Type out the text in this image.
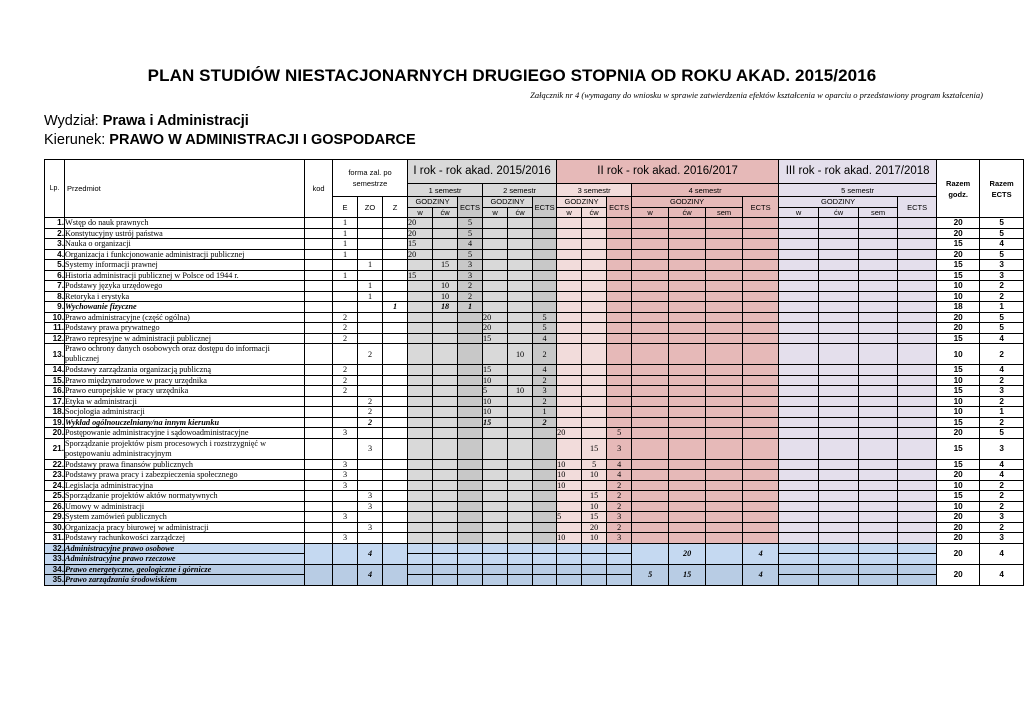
PLAN STUDIÓW NIESTACJONARNYCH DRUGIEGO STOPNIA OD ROKU AKAD. 2015/2016
Załącznik nr 4 (wymagany do wniosku w sprawie zatwierdzenia efektów kształcenia w oparciu o przedstawiony program kształcenia)
Wydział: Prawa i Administracji
Kierunek: PRAWO W ADMINISTRACJI I GOSPODARCE
Lp.	Przedmiot	kod	forma zal. po semestrze			I rok - rok akad. 2015/2016						II rok - rok akad. 2016/2017							III rok - rok akad. 2017/2018				Razem godz.	Razem ECTS
						1 semestr			2 semestr			3 semestr			4 semestr				5 semestr					
			E	ZO	Z	GODZINY		ECTS	GODZINY		ECTS	GODZINY		ECTS	GODZINY			ECTS	GODZINY			ECTS		
						w	ćw		w	ćw		w	ćw		w	ćw	sem		w	ćw	sem			
1.	Wstęp do nauk prawnych		1			20		5															20	5
2.	Konstytucyjny ustrój państwa		1			20		5															20	5
3.	Nauka o organizacji		1			15		4															15	4
4.	Organizacja i funkcjonowanie administracji publicznej		1			20		5															20	5
5.	Systemy informacji prawnej			1			15	3															15	3
6.	Historia administracji publicznej w Polsce od 1944 r.		1			15		3															15	3
7.	Podstawy języka urzędowego			1			10	2															10	2
8.	Retoryka i erystyka			1			10	2															10	2
9.	Wychowanie fizyczne				1		18	1															18	1
10.	Prawo administracyjne (część ogólna)		2						20		5												20	5
11.	Podstawy prawa prywatnego		2						20		5												20	5
12.	Prawo represyjne w administracji publicznej		2						15		4												15	4
13.	Prawo ochrony danych osobowych oraz dostępu do informacji publicznej			2						10	2												10	2
14.	Podstawy zarządzania organizacją publiczną		2						15		4												15	4
15.	Prawo międzynarodowe w pracy urzędnika		2						10		2												10	2
16.	Prawo europejskie w pracy urzędnika		2						5	10	3												15	3
17.	Etyka w administracji			2					10		2												10	2
18.	Socjologia administracji			2					10		1												10	1
19.	Wykład ogólnouczelniany/na innym kierunku			2					15		2												15	2
20.	Postępowanie administracyjne i sądowoadministracyjne		3									20		5									20	5
21.	Sporządzanie projektów pism procesowych i rozstrzygnięć w postępowaniu administracyjnym			3									15	3									15	3
22.	Podstawy prawa finansów publicznych		3									10	5	4									15	4
23.	Podstawy prawa pracy i zabezpieczenia społecznego		3									10	10	4									20	4
24.	Legislacja administracyjna		3									10		2									10	2
25.	Sporządzanie projektów aktów normatywnych			3									15	2									15	2
26.	Umowy w administracji			3									10	2									10	2
29.	System zamówień publicznych		3									5	15	3									20	3
30.	Organizacja pracy biurowej w administracji			3									20	2									20	2
31.	Podstawy rachunkowości zarządczej		3									10	10	3									20	3
32.	Administracyjne prawo osobowe			4												20		4					20	4
33.	Administracyjne prawo rzeczowe																							
34.	Prawo energetyczne, geologiczne i górnicze			4											5	15		4					20	4
35.	Prawo zarządzania środowiskiem																							
